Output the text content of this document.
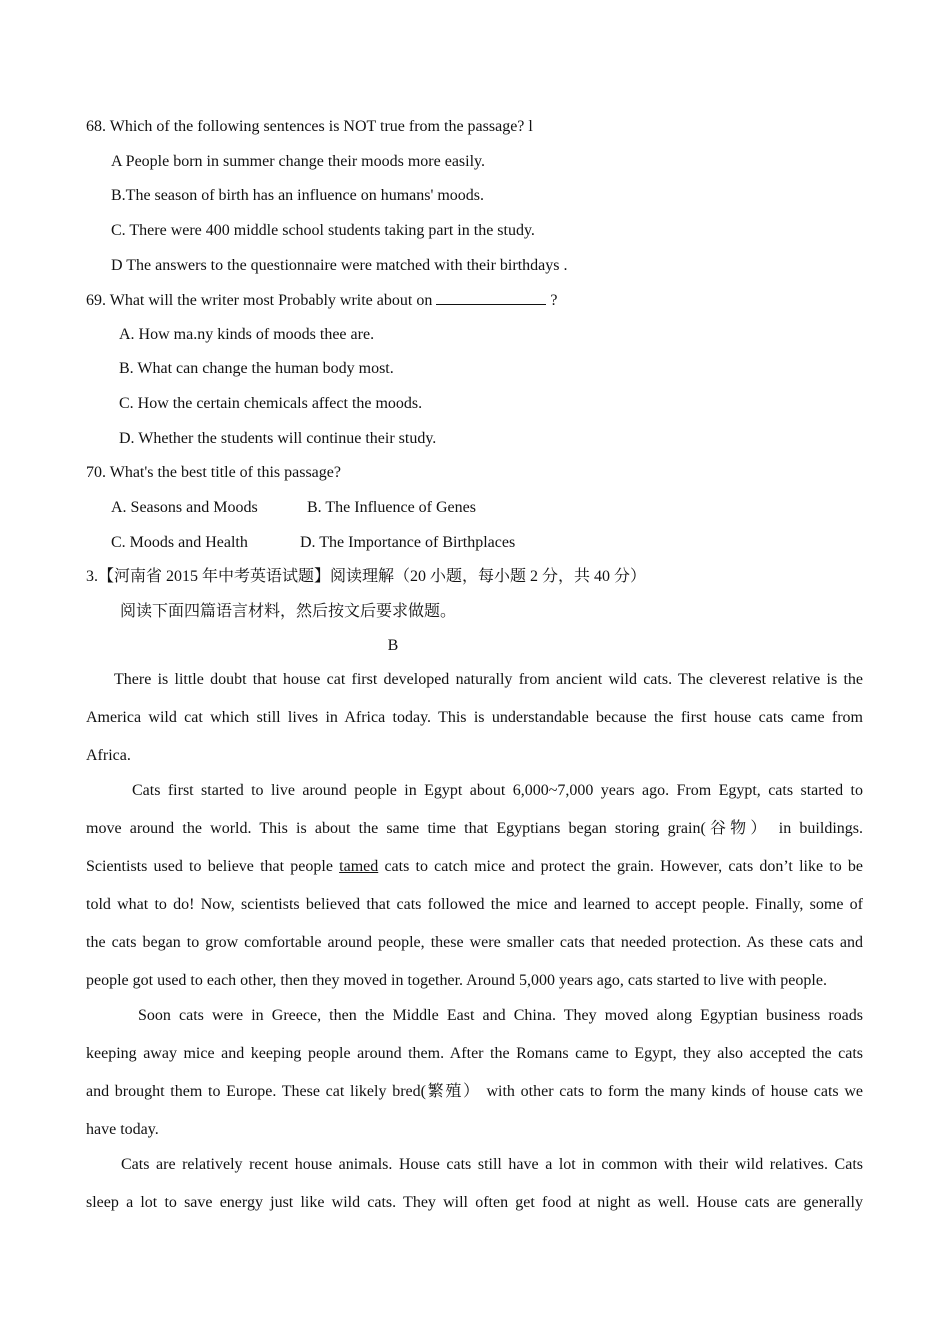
68. Which of the following sentences is NOT true from the passage? l
A People born in summer change their moods more easily.
B.The season of birth has an influence on humans' moods.
C. There were 400 middle school students taking part in the study.
D The answers to the questionnaire were matched with their birthdays .
69. What will the writer most Probably write about on	?
A. How ma.ny kinds of moods thee are.
B. What can change the human body most.
C. How the certain chemicals affect the moods.
D. Whether the students will continue their study.
70. What's the best title of this passage?
A. Seasons and Moods	B. The Influence of Genes
C. Moods and Health	D. The Importance of Birthplaces
3.【河南省 2015 年中考英语试题】阅读理解（20 小题，每小题 2 分，共 40 分）
阅读下面四篇语言材料，然后按文后要求做题。
B
There is little doubt that house cat first developed naturally from ancient wild cats. The cleverest relative is the
America wild cat which still lives in Africa today. This is understandable because the first house cats came from
Africa.
Cats first started to live around people in Egypt about 6,000~7,000 years ago. From Egypt, cats started to
move around the world. This is about the same time that Egyptians began storing grain(谷物） in buildings.
Scientists used to believe that people tamed cats to catch mice and protect the grain. However, cats don’t like to be
told what to do! Now, scientists believed that cats followed the mice and learned to accept people. Finally, some of
the cats began to grow comfortable around people, these were smaller cats that needed protection. As these cats and
people got used to each other, then they moved in together. Around 5,000 years ago, cats started to live with people.
Soon cats were in Greece, then the Middle East and China. They moved along Egyptian business roads
keeping away mice and keeping people around them. After the Romans came to Egypt, they also accepted the cats
and brought them to Europe. These cat likely bred(繁殖） with other cats to form the many kinds of house cats we
have today.
Cats are relatively recent house animals. House cats still have a lot in common with their wild relatives. Cats
sleep a lot to save energy just like wild cats. They will often get food at night as well. House cats are generally
